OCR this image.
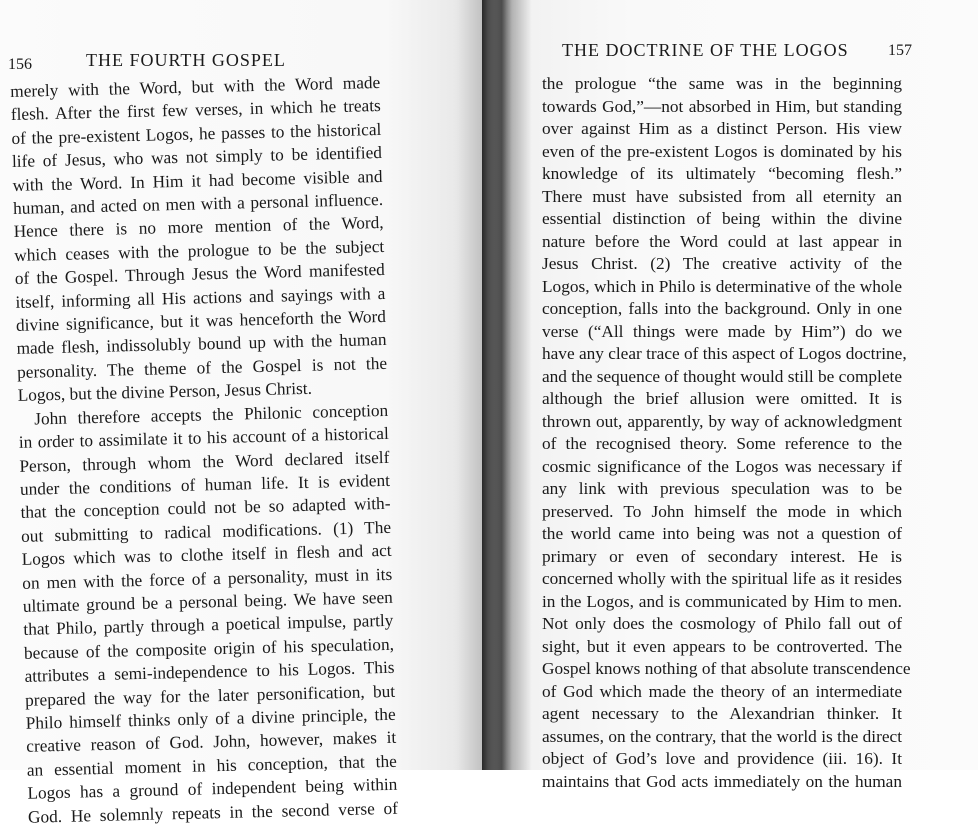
156	THE FOURTH GOSPEL
merely with the Word, but with the Word made
flesh. After the first few verses, in which he treats
of the pre-existent Logos, he passes to the historical
life of Jesus, who was not simply to be identified
with the Word. In Him it had become visible and
human, and acted on men with a personal influence.
Hence there is no more mention of the Word,
which ceases with the prologue to be the subject
of the Gospel. Through Jesus the Word manifested
itself, informing all His actions and sayings with a
divine significance, but it was henceforth the Word
made flesh, indissolubly bound up with the human
personality. The theme of the Gospel is not the
Logos, but the divine Person, Jesus Christ.
John therefore accepts the Philonic conception
in order to assimilate it to his account of a historical
Person, through whom the Word declared itself
under the conditions of human life. It is evident
that the conception could not be so adapted with-
out submitting to radical modifications. (1) The
Logos which was to clothe itself in flesh and act
on men with the force of a personality, must in its
ultimate ground be a personal being. We have seen
that Philo, partly through a poetical impulse, partly
because of the composite origin of his speculation,
attributes a semi-independence to his Logos. This
prepared the way for the later personification, but
Philo himself thinks only of a divine principle, the
creative reason of God. John, however, makes it
an essential moment in his conception, that the
Logos has a ground of independent being within
God. He solemnly repeats in the second verse of
THE DOCTRINE OF THE LOGOS 157
the prologue “the same was in the beginning
towards God,”—not absorbed in Him, but standing
over against Him as a distinct Person. His view
even of the pre-existent Logos is dominated by his
knowledge of its ultimately “becoming flesh.”
There must have subsisted from all eternity an
essential distinction of being within the divine
nature before the Word could at last appear in
Jesus Christ. (2) The creative activity of the
Logos, which in Philo is determinative of the whole
conception, falls into the background. Only in one
verse (“All things were made by Him”) do we
have any clear trace of this aspect of Logos doctrine,
and the sequence of thought would still be complete
although the brief allusion were omitted. It is
thrown out, apparently, by way of acknowledgment
of the recognised theory. Some reference to the
cosmic significance of the Logos was necessary if
any link with previous speculation was to be
preserved. To John himself the mode in which
the world came into being was not a question of
primary or even of secondary interest. He is
concerned wholly with the spiritual life as it resides
in the Logos, and is communicated by Him to men.
Not only does the cosmology of Philo fall out of
sight, but it even appears to be controverted. The
Gospel knows nothing of that absolute transcendence
of God which made the theory of an intermediate
agent necessary to the Alexandrian thinker. It
assumes, on the contrary, that the world is the direct
object of God’s love and providence (iii. 16). It
maintains that God acts immediately on the human
